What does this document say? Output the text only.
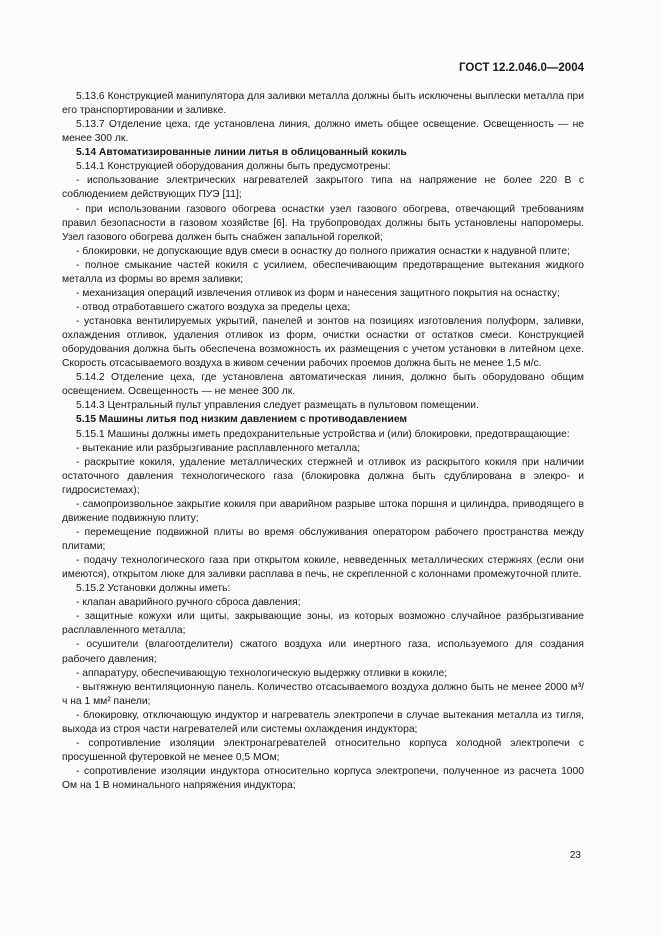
ГОСТ 12.2.046.0—2004

5.13.6 Конструкцией манипулятора для заливки металла должны быть исключены выплески металла при его транспортировании и заливке.

5.13.7 Отделение цеха, где установлена линия, должно иметь общее освещение. Освещенность — не менее 300 лк.

5.14 Автоматизированные линии литья в облицованный кокиль

5.14.1 Конструкцией оборудования должны быть предусмотрены:

- использование электрических нагревателей закрытого типа на напряжение не более 220 В с соблюдением действующих ПУЭ [11];

- при использовании газового обогрева оснастки узел газового обогрева, отвечающий требованиям правил безопасности в газовом хозяйстве [6]. На трубопроводах должны быть установлены напоромеры. Узел газового обогрева должен быть снабжен запальной горелкой;

- блокировки, не допускающие вдув смеси в оснастку до полного прижатия оснастки к надувной плите;

- полное смыкание частей кокиля с усилием, обеспечивающим предотвращение вытекания жидкого металла из формы во время заливки;

- механизация операций извлечения отливок из форм и нанесения защитного покрытия на оснастку;

- отвод отработавшего сжатого воздуха за пределы цеха;

- установка вентилируемых укрытий, панелей и зонтов на позициях изготовления полуформ, заливки, охлаждения отливок, удаления отливок из форм, очистки оснастки от остатков смеси. Конструкцией оборудования должна быть обеспечена возможность их размещения с учетом установки в литейном цехе. Скорость отсасываемого воздуха в живом сечении рабочих проемов должна быть не менее 1,5 м/с.

5.14.2 Отделение цеха, где установлена автоматическая линия, должно быть оборудовано общим освещением. Освещенность — не менее 300 лк.

5.14.3 Центральный пульт управления следует размещать в пультовом помещении.

5.15 Машины литья под низким давлением с противодавлением

5.15.1 Машины должны иметь предохранительные устройства и (или) блокировки, предотвращающие:

- вытекание или разбрызгивание расплавленного металла;

- раскрытие кокиля, удаление металлических стержней и отливок из раскрытого кокиля при наличии остаточного давления технологического газа (блокировка должна быть сдублирована в элекро- и гидросистемах);

- самопроизвольное закрытие кокиля при аварийном разрыве штока поршня и цилиндра, приводящего в движение подвижную плиту;

- перемещение подвижной плиты во время обслуживания оператором рабочего пространства между плитами;

- подачу технологического газа при открытом кокиле, невведенных металлических стержнях (если они имеются), открытом люке для заливки расплава в печь, не скрепленной с колоннами промежуточной плите.

5.15.2 Установки должны иметь:

- клапан аварийного ручного сброса давления;

- защитные кожухи или щиты, закрывающие зоны, из которых возможно случайное разбрызгивание расплавленного металла;

- осушители (влагоотделители) сжатого воздуха или инертного газа, используемого для создания рабочего давления;

- аппаратуру, обеспечивающую технологическую выдержку отливки в кокиле;

- вытяжную вентиляционную панель. Количество отсасываемого воздуха должно быть не менее 2000 м³/ч на 1 мм² панели;

- блокировку, отключающую индуктор и нагреватель электропечи в случае вытекания металла из тигля, выхода из строя части нагревателей или системы охлаждения индуктора;

- сопротивление изоляции электронагревателей относительно корпуса холодной электропечи с просушенной футеровкой не менее 0,5 МОм;

- сопротивление изоляции индуктора относительно корпуса электропечи, полученное из расчета 1000 Ом на 1 В номинального напряжения индуктора;

23
